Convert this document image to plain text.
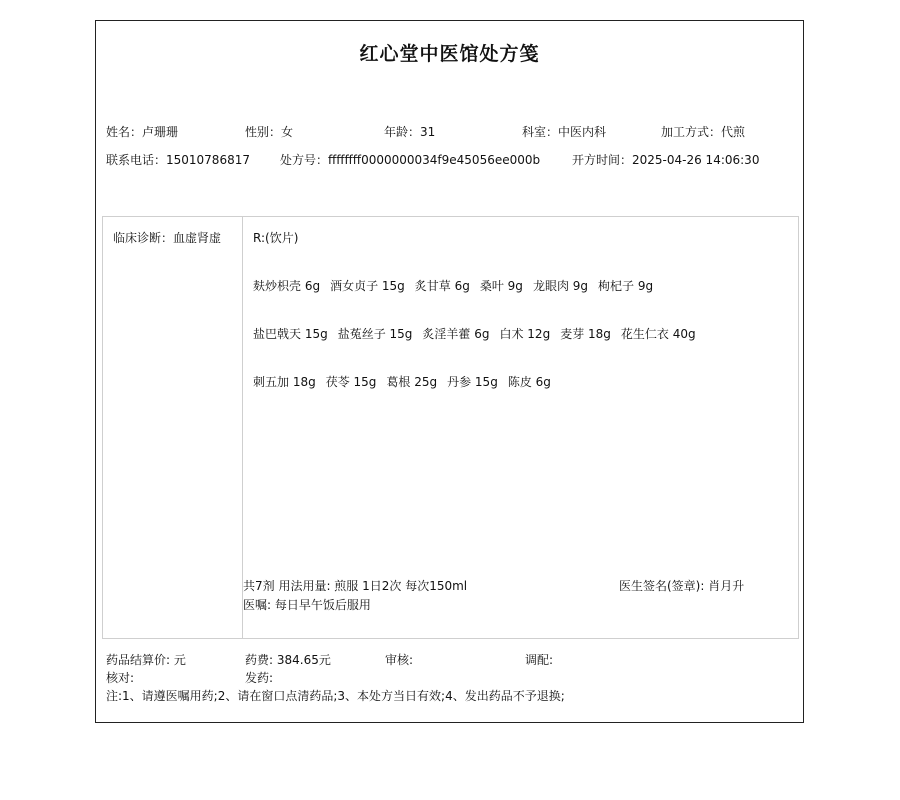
红心堂中医馆处方笺
姓名：卢珊珊	性别：女	年龄：31	科室：中医内科	加工方式：代煎
联系电话：15010786817	处方号：ffffffff0000000034f9e45056ee000b	开方时间：2025-04-26 14:06:30
临床诊断：血虚肾虚	R:(饮片)
麸炒枳壳 6g 酒女贞子 15g 炙甘草 6g 桑叶 9g 龙眼肉 9g 枸杞子 9g
盐巴戟天 15g 盐菟丝子 15g 炙淫羊藿 6g 白术 12g 麦芽 18g 花生仁衣 40g
刺五加 18g 茯苓 15g 葛根 25g 丹参 15g 陈皮 6g
共7剂 用法用量: 煎服 1日2次 每次150ml	医生签名(签章): 肖月升
医嘱: 每日早午饭后服用
药品结算价: 元	药费: 384.65元	审核:	调配:
核对:	发药:
注:1、请遵医嘱用药;2、请在窗口点清药品;3、本处方当日有效;4、发出药品不予退换;
